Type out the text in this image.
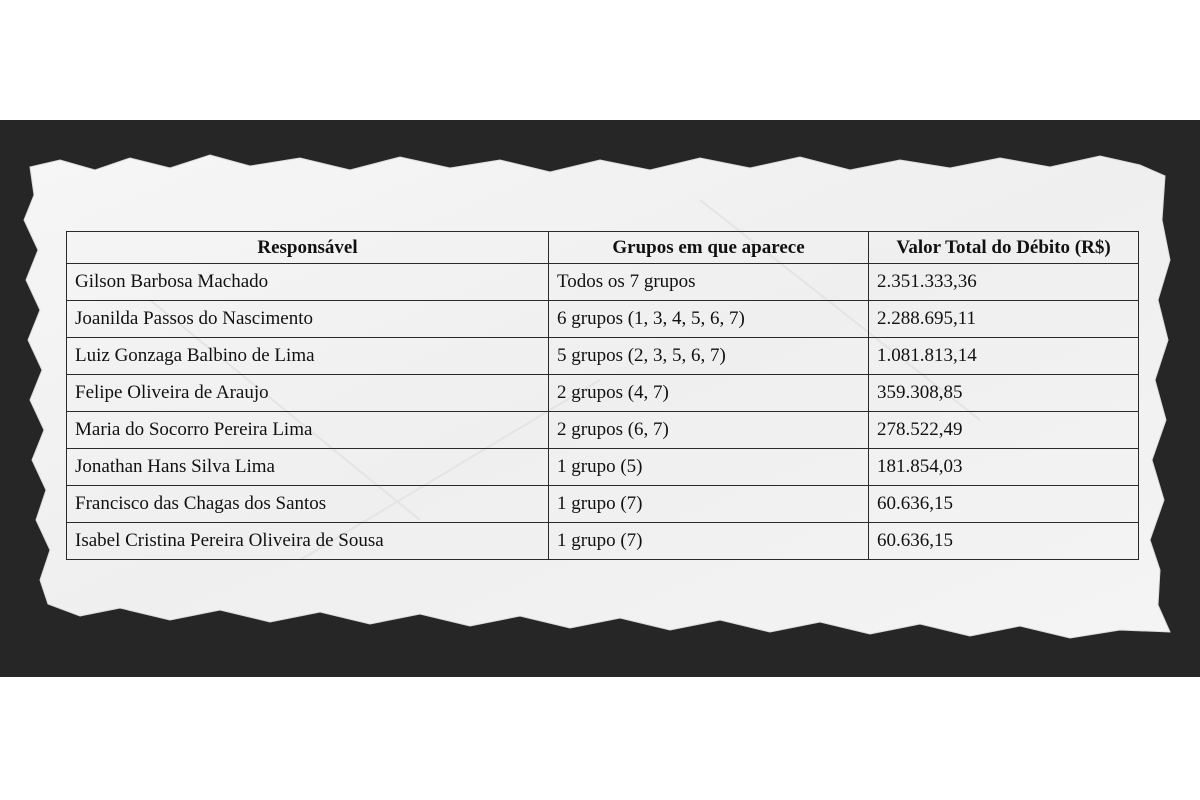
Responsável	Grupos em que aparece	Valor Total do Débito (R$)
Gilson Barbosa Machado	Todos os 7 grupos	2.351.333,36
Joanilda Passos do Nascimento	6 grupos (1, 3, 4, 5, 6, 7)	2.288.695,11
Luiz Gonzaga Balbino de Lima	5 grupos (2, 3, 5, 6, 7)	1.081.813,14
Felipe Oliveira de Araujo	2 grupos (4, 7)	359.308,85
Maria do Socorro Pereira Lima	2 grupos (6, 7)	278.522,49
Jonathan Hans Silva Lima	1 grupo (5)	181.854,03
Francisco das Chagas dos Santos	1 grupo (7)	60.636,15
Isabel Cristina Pereira Oliveira de Sousa	1 grupo (7)	60.636,15
